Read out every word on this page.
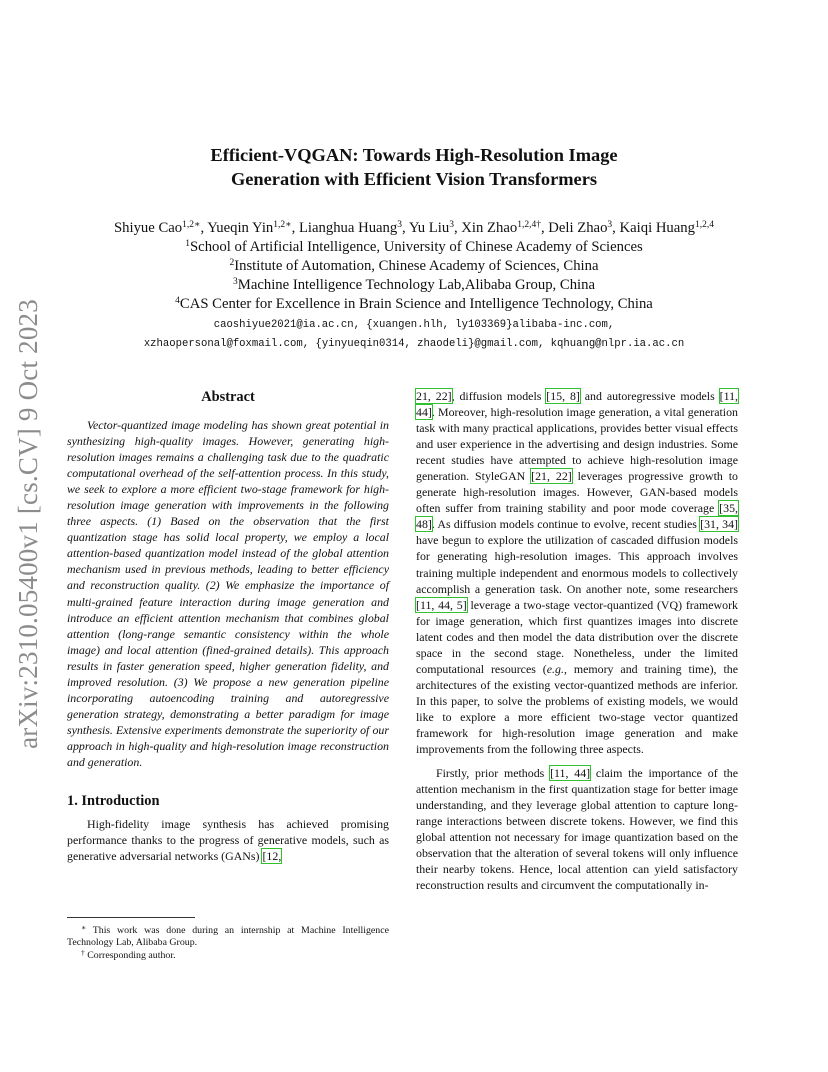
arXiv:2310.05400v1 [cs.CV] 9 Oct 2023
Efficient-VQGAN: Towards High-Resolution Image
Generation with Efficient Vision Transformers
Shiyue Cao$^{1,2∗}$, Yueqin Yin$^{1,2∗}$, Lianghua Huang$^3$, Yu Liu$^3$, Xin Zhao$^{1,2,4\dagger}$, Deli Zhao$^3$, Kaiqi Huang$^{1,2,4}$
$^1$School of Artificial Intelligence, University of Chinese Academy of Sciences
$^2$Institute of Automation, Chinese Academy of Sciences, China
$^3$Machine Intelligence Technology Lab,Alibaba Group, China
$^4$CAS Center for Excellence in Brain Science and Intelligence Technology, China
caoshiyue2021@ia.ac.cn, {xuangen.hlh, ly103369}alibaba-inc.com,
xzhaopersonal@foxmail.com, {yinyueqin0314, zhaodeli}@gmail.com, kqhuang@nlpr.ia.ac.cn
Abstract

Vector-quantized image modeling has shown great potential in synthesizing high-quality images. However, generating high-resolution images remains a challenging task due to the quadratic computational overhead of the self-attention process. In this study, we seek to explore a more efficient two-stage framework for high-resolution image generation with improvements in the following three aspects. (1) Based on the observation that the first quantization stage has solid local property, we employ a local attention-based quantization model instead of the global attention mechanism used in previous methods, leading to better efficiency and reconstruction quality. (2) We emphasize the importance of multi-grained feature interaction during image generation and introduce an efficient attention mechanism that combines global attention (long-range semantic consistency within the whole image) and local attention (fined-grained details). This approach results in faster generation speed, higher generation fidelity, and improved resolution. (3) We propose a new generation pipeline incorporating autoencoding training and autoregressive generation strategy, demonstrating a better paradigm for image synthesis. Extensive experiments demonstrate the superiority of our approach in high-quality and high-resolution image reconstruction and generation.

1. Introduction

High-fidelity image synthesis has achieved promising performance thanks to the progress of generative models, such as generative adversarial networks (GANs) [12,

∗ This work was done during an internship at Machine Intelligence Technology Lab, Alibaba Group.

† Corresponding author.

21, 22], diffusion models [15, 8] and autoregressive models [11, 44]. Moreover, high-resolution image generation, a vital generation task with many practical applications, provides better visual effects and user experience in the advertising and design industries. Some recent studies have attempted to achieve high-resolution image generation. StyleGAN [21, 22] leverages progressive growth to generate high-resolution images. However, GAN-based models often suffer from training stability and poor mode coverage [35, 48]. As diffusion models continue to evolve, recent studies [31, 34] have begun to explore the utilization of cascaded diffusion models for generating high-resolution images. This approach involves training multiple independent and enormous models to collectively accomplish a generation task. On another note, some researchers [11, 44, 5] leverage a two-stage vector-quantized (VQ) framework for image generation, which first quantizes images into discrete latent codes and then model the data distribution over the discrete space in the second stage. Nonetheless, under the limited computational resources (e.g., memory and training time), the architectures of the existing vector-quantized methods are inferior. In this paper, to solve the problems of existing models, we would like to explore a more efficient two-stage vector quantized framework for high-resolution image generation and make improvements from the following three aspects.

Firstly, prior methods [11, 44] claim the importance of the attention mechanism in the first quantization stage for better image understanding, and they leverage global attention to capture long-range interactions between discrete tokens. However, we find this global attention not necessary for image quantization based on the observation that the alteration of several tokens will only influence their nearby tokens. Hence, local attention can yield satisfactory reconstruction results and circumvent the computationally in-
